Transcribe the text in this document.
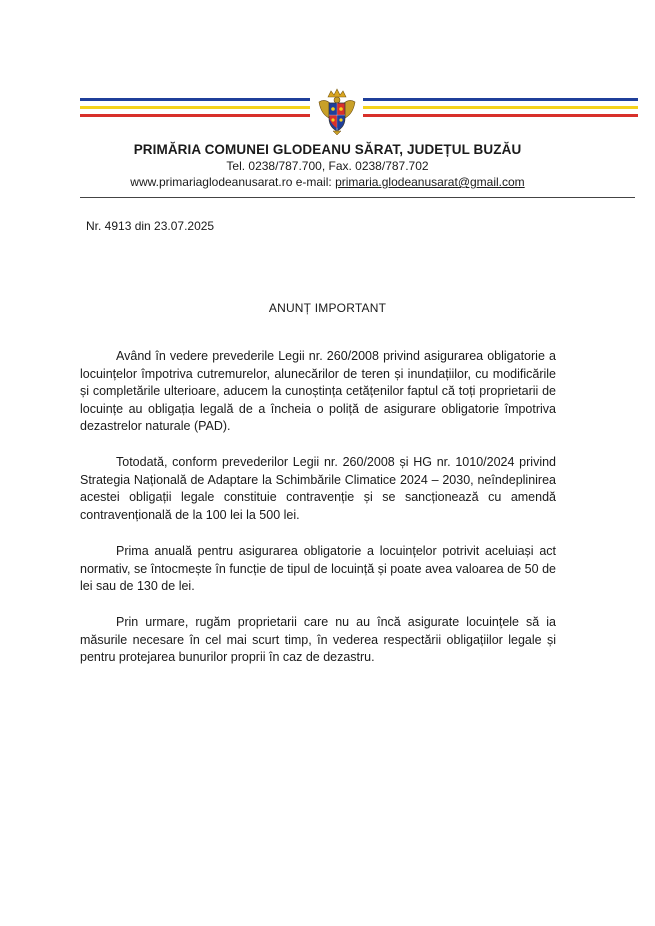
PRIMĂRIA COMUNEI GLODEANU SĂRAT, JUDEȚUL BUZĂU
Tel. 0238/787.700, Fax. 0238/787.702
www.primariaglodeanusarat.ro e-mail: primaria.glodeanusarat@gmail.com
Nr. 4913 din 23.07.2025
ANUNȚ IMPORTANT

Având în vedere prevederile Legii nr. 260/2008 privind asigurarea obligatorie a locuințelor împotriva cutremurelor, alunecărilor de teren și inundațiilor, cu modificările și completările ulterioare, aducem la cunoștința cetățenilor faptul că toți proprietarii de locuințe au obligația legală de a încheia o poliță de asigurare obligatorie împotriva dezastrelor naturale (PAD).

Totodată, conform prevederilor Legii nr. 260/2008 și HG nr. 1010/2024 privind Strategia Națională de Adaptare la Schimbările Climatice 2024 – 2030, neîndeplinirea acestei obligații legale constituie contravenție și se sancționează cu amendă contravențională de la 100 lei la 500 lei.

Prima anuală pentru asigurarea obligatorie a locuințelor potrivit aceluiași act normativ, se întocmește în funcție de tipul de locuință și poate avea valoarea de 50 de lei sau de 130 de lei.

Prin urmare, rugăm proprietarii care nu au încă asigurate locuințele să ia măsurile necesare în cel mai scurt timp, în vederea respectării obligațiilor legale și pentru protejarea bunurilor proprii în caz de dezastru.
